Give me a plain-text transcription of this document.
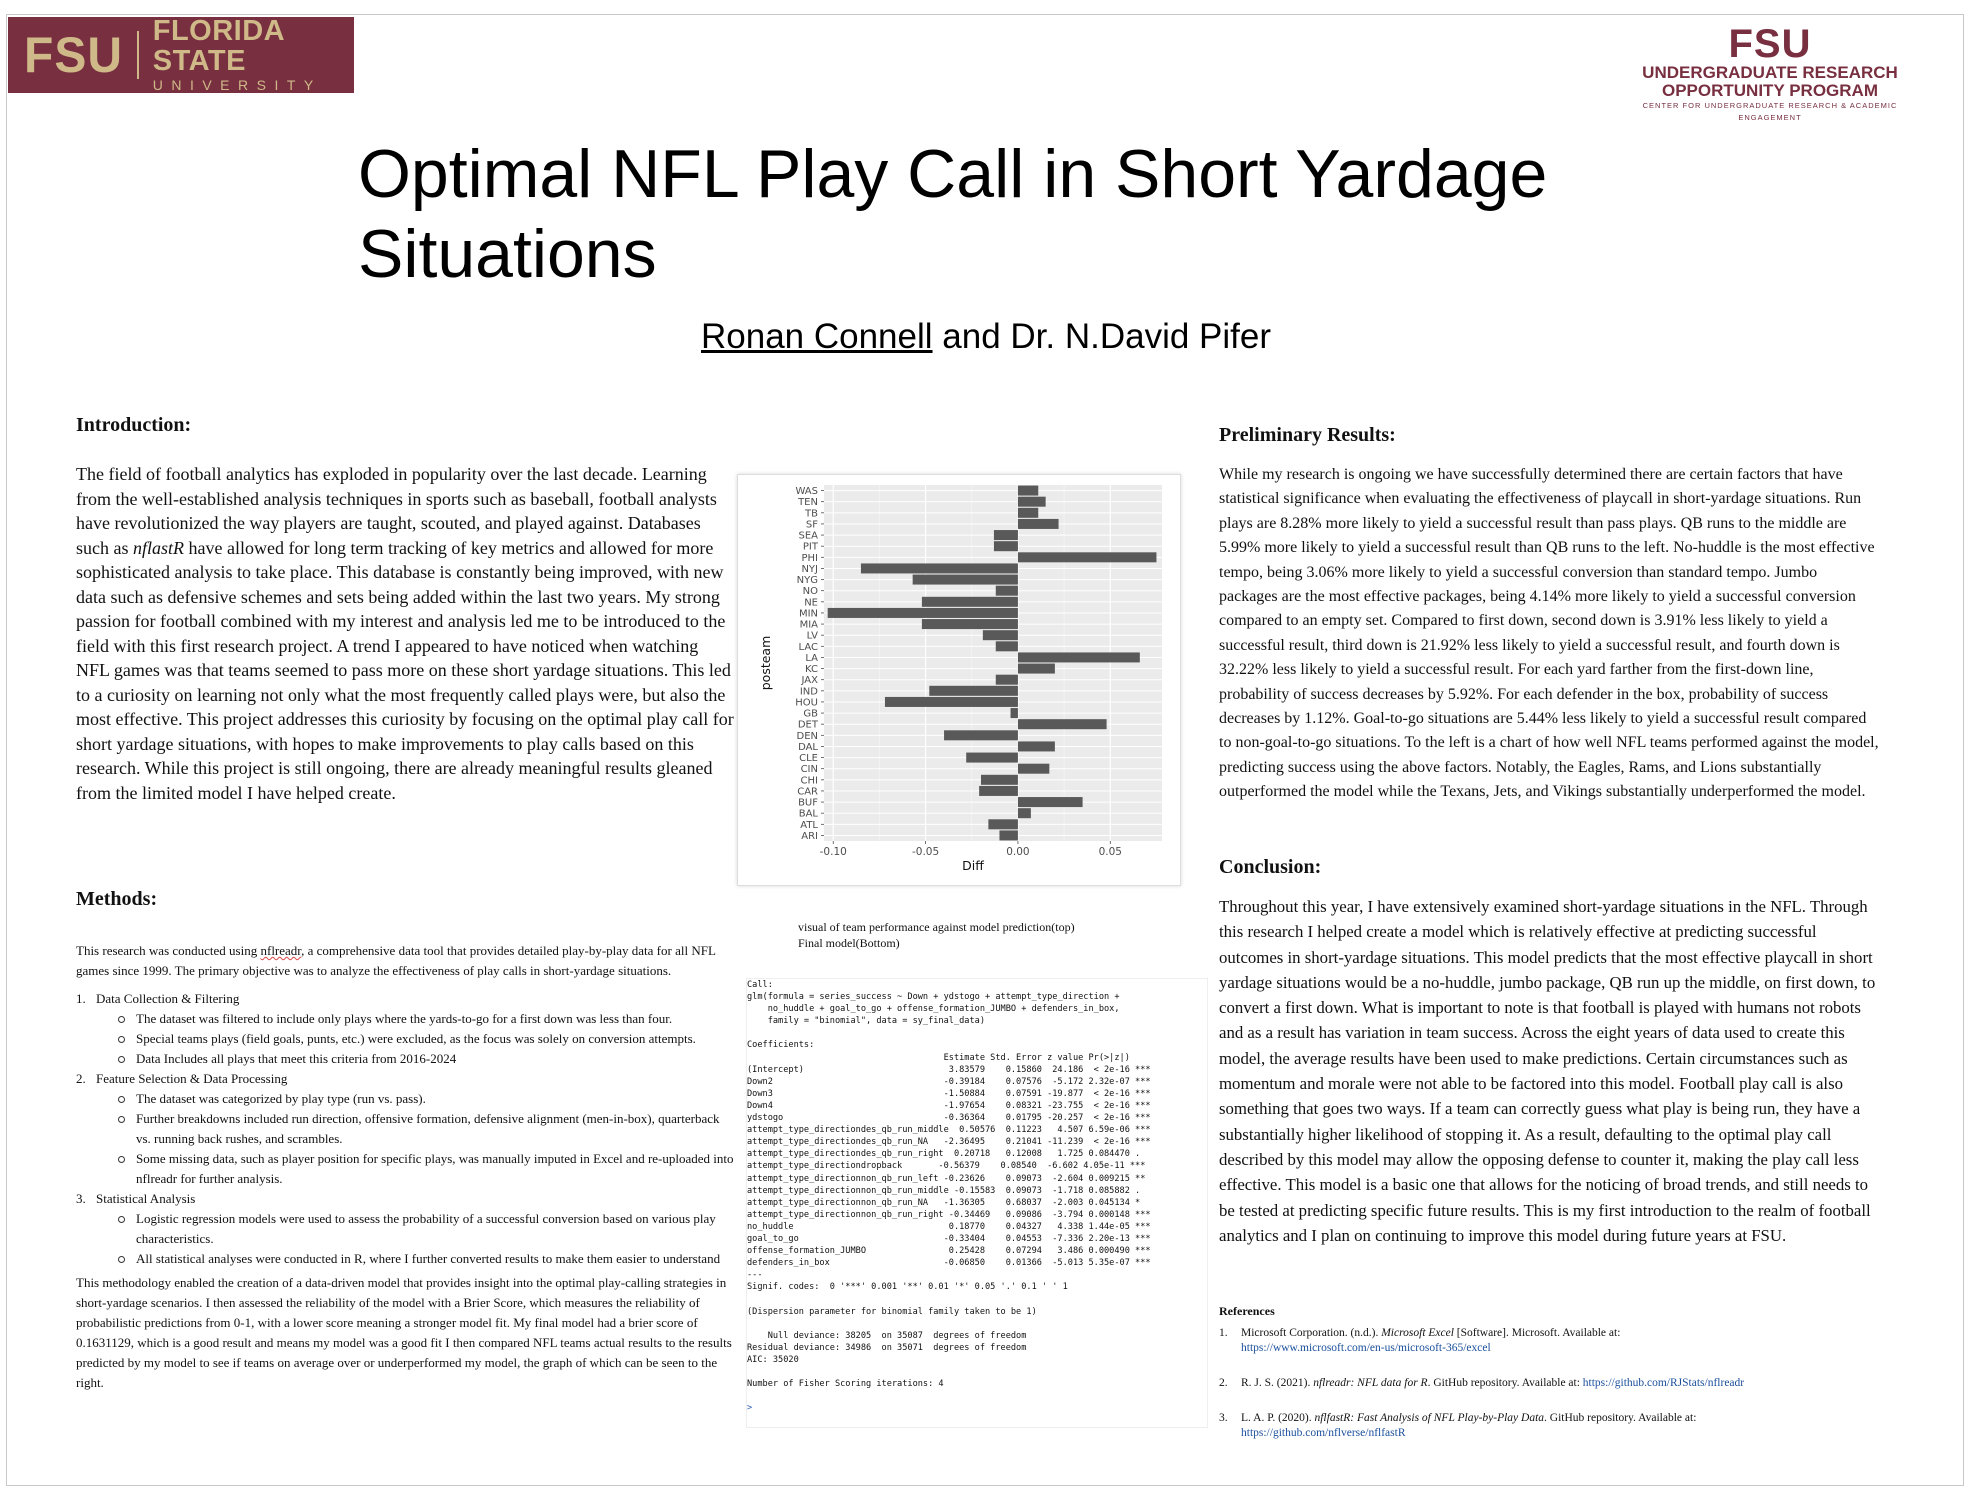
FSU FLORIDA STATE
UNIVERSITY
FSU
UNDERGRADUATE RESEARCH
OPPORTUNITY PROGRAM
CENTER FOR UNDERGRADUATE RESEARCH & ACADEMIC ENGAGEMENT
Optimal NFL Play Call in Short Yardage
Situations
Ronan Connell and Dr. N.David Pifer
Introduction:
The field of football analytics has exploded in popularity over the last decade. Learning from the well-established analysis techniques in sports such as baseball, football analysts have revolutionized the way players are taught, scouted, and played against. Databases such as nflastR have allowed for long term tracking of key metrics and allowed for more sophisticated analysis to take place. This database is constantly being improved, with new data such as defensive schemes and sets being added within the last two years. My strong passion for football combined with my interest and analysis led me to be introduced to the field with this first research project. A trend I appeared to have noticed when watching NFL games was that teams seemed to pass more on these short yardage situations. This led to a curiosity on learning not only what the most frequently called plays were, but also the most effective. This project addresses this curiosity by focusing on the optimal play call for short yardage situations, with hopes to make improvements to play calls based on this research. While this project is still ongoing, there are already meaningful results gleaned from the limited model I have helped create.
Methods:
This research was conducted using nflreadr, a comprehensive data tool that provides detailed play-by-play data for all NFL games since 1999. The primary objective was to analyze the effectiveness of play calls in short-yardage situations.
1. Data Collection & Filtering
The dataset was filtered to include only plays where the yards-to-go for a first down was less than four.
Special teams plays (field goals, punts, etc.) were excluded, as the focus was solely on conversion attempts.
Data Includes all plays that meet this criteria from 2016-2024
2. Feature Selection & Data Processing
The dataset was categorized by play type (run vs. pass).
Further breakdowns included run direction, offensive formation, defensive alignment (men-in-box), quarterback vs. running back rushes, and scrambles.
Some missing data, such as player position for specific plays, was manually imputed in Excel and re-uploaded into nflreadr for further analysis.
3. Statistical Analysis
Logistic regression models were used to assess the probability of a successful conversion based on various play characteristics.
All statistical analyses were conducted in R, where I further converted results to make them easier to understand
This methodology enabled the creation of a data-driven model that provides insight into the optimal play-calling strategies in short-yardage scenarios. I then assessed the reliability of the model with a Brier Score, which measures the reliability of probabilistic predictions from 0-1, with a lower score meaning a stronger model fit. My final model had a brier score of 0.1631129, which is a good result and means my model was a good fit I then compared NFL teams actual results to the results predicted by my model to see if teams on average over or underperformed my model, the graph of which can be seen to the right.
WAS
TEN
TB
SF
SEA
PIT
PHI
NYJ
NYG
NO
NE
MIN
MIA
LV
LAC
LA
KC
JAX
IND
HOU
GB
DET
DEN
DAL
CLE
CIN
CHI
CAR
BUF
BAL
ATL
ARI
-0.10	-0.05	0.00	0.05
Diff
posteam
visual of team performance against model prediction(top)
Final model(Bottom)
Call:
glm(formula = series_success ~ Down + ydstogo + attempt_type_direction +
no_huddle + goal_to_go + offense_formation_JUMBO + defenders_in_box,
family = "binomial", data = sy_final_data)

Coefficients:
Estimate Std. Error z value Pr(>|z|)
(Intercept)                            3.83579    0.15860  24.186  < 2e-16 ***
Down2                                 -0.39184    0.07576  -5.172 2.32e-07 ***
Down3                                 -1.50884    0.07591 -19.877  < 2e-16 ***
Down4                                 -1.97654    0.08321 -23.755  < 2e-16 ***
ydstogo                               -0.36364    0.01795 -20.257  < 2e-16 ***
attempt_type_directiondes_qb_run_middle  0.50576  0.11223   4.507 6.59e-06 ***
attempt_type_directiondes_qb_run_NA   -2.36495    0.21041 -11.239  < 2e-16 ***
attempt_type_directiondes_qb_run_right  0.20718   0.12008   1.725 0.084470 .
attempt_type_directiondropback       -0.56379    0.08540  -6.602 4.05e-11 ***
attempt_type_directionnon_qb_run_left -0.23626    0.09073  -2.604 0.009215 **
attempt_type_directionnon_qb_run_middle -0.15583  0.09073  -1.718 0.085882 .
attempt_type_directionnon_qb_run_NA   -1.36305    0.68037  -2.003 0.045134 *
attempt_type_directionnon_qb_run_right -0.34469   0.09086  -3.794 0.000148 ***
no_huddle                              0.18770    0.04327   4.338 1.44e-05 ***
goal_to_go                            -0.33404    0.04553  -7.336 2.20e-13 ***
offense_formation_JUMBO                0.25428    0.07294   3.486 0.000490 ***
defenders_in_box                      -0.06850    0.01366  -5.013 5.35e-07 ***
---
Signif. codes:  0 '***' 0.001 '**' 0.01 '*' 0.05 '.' 0.1 ' ' 1

(Dispersion parameter for binomial family taken to be 1)

Null deviance: 38205  on 35087  degrees of freedom
Residual deviance: 34986  on 35071  degrees of freedom
AIC: 35020

Number of Fisher Scoring iterations: 4

>
Preliminary Results:
While my research is ongoing we have successfully determined there are certain factors that have statistical significance when evaluating the effectiveness of playcall in short-yardage situations. Run plays are 8.28% more likely to yield a successful result than pass plays. QB runs to the middle are 5.99% more likely to yield a successful result than QB runs to the left. No-huddle is the most effective tempo, being 3.06% more likely to yield a successful conversion than standard tempo. Jumbo packages are the most effective packages, being 4.14% more likely to yield a successful conversion compared to an empty set. Compared to first down, second down is 3.91% less likely to yield a successful result, third down is 21.92% less likely to yield a successful result, and fourth down is 32.22% less likely to yield a successful result. For each yard farther from the first-down line, probability of success decreases by 5.92%. For each defender in the box, probability of success decreases by 1.12%. Goal-to-go situations are 5.44% less likely to yield a successful result compared to non-goal-to-go situations. To the left is a chart of how well NFL teams performed against the model, predicting success using the above factors. Notably, the Eagles, Rams, and Lions substantially outperformed the model while the Texans, Jets, and Vikings substantially underperformed the model.
Conclusion:
Throughout this year, I have extensively examined short-yardage situations in the NFL. Through this research I helped create a model which is relatively effective at predicting successful outcomes in short-yardage situations. This model predicts that the most effective playcall in short yardage situations would be a no-huddle, jumbo package, QB run up the middle, on first down, to convert a first down. What is important to note is that football is played with humans not robots and as a result has variation in team success. Across the eight years of data used to create this model, the average results have been used to make predictions. Certain circumstances such as momentum and morale were not able to be factored into this model. Football play call is also something that goes two ways. If a team can correctly guess what play is being run, they have a substantially higher likelihood of stopping it. As a result, defaulting to the optimal play call described by this model may allow the opposing defense to counter it, making the play call less effective. This model is a basic one that allows for the noticing of broad trends, and still needs to be tested at predicting specific future results. This is my first introduction to the realm of football analytics and I plan on continuing to improve this model during future years at FSU.
References
1. Microsoft Corporation. (n.d.). Microsoft Excel [Software]. Microsoft. Available at:
https://www.microsoft.com/en-us/microsoft-365/excel
2. R. J. S. (2021). nflreadr: NFL data for R. GitHub repository. Available at: https://github.com/RJStats/nflreadr
3. L. A. P. (2020). nflfastR: Fast Analysis of NFL Play-by-Play Data. GitHub repository. Available at:
https://github.com/nflverse/nflfastR
